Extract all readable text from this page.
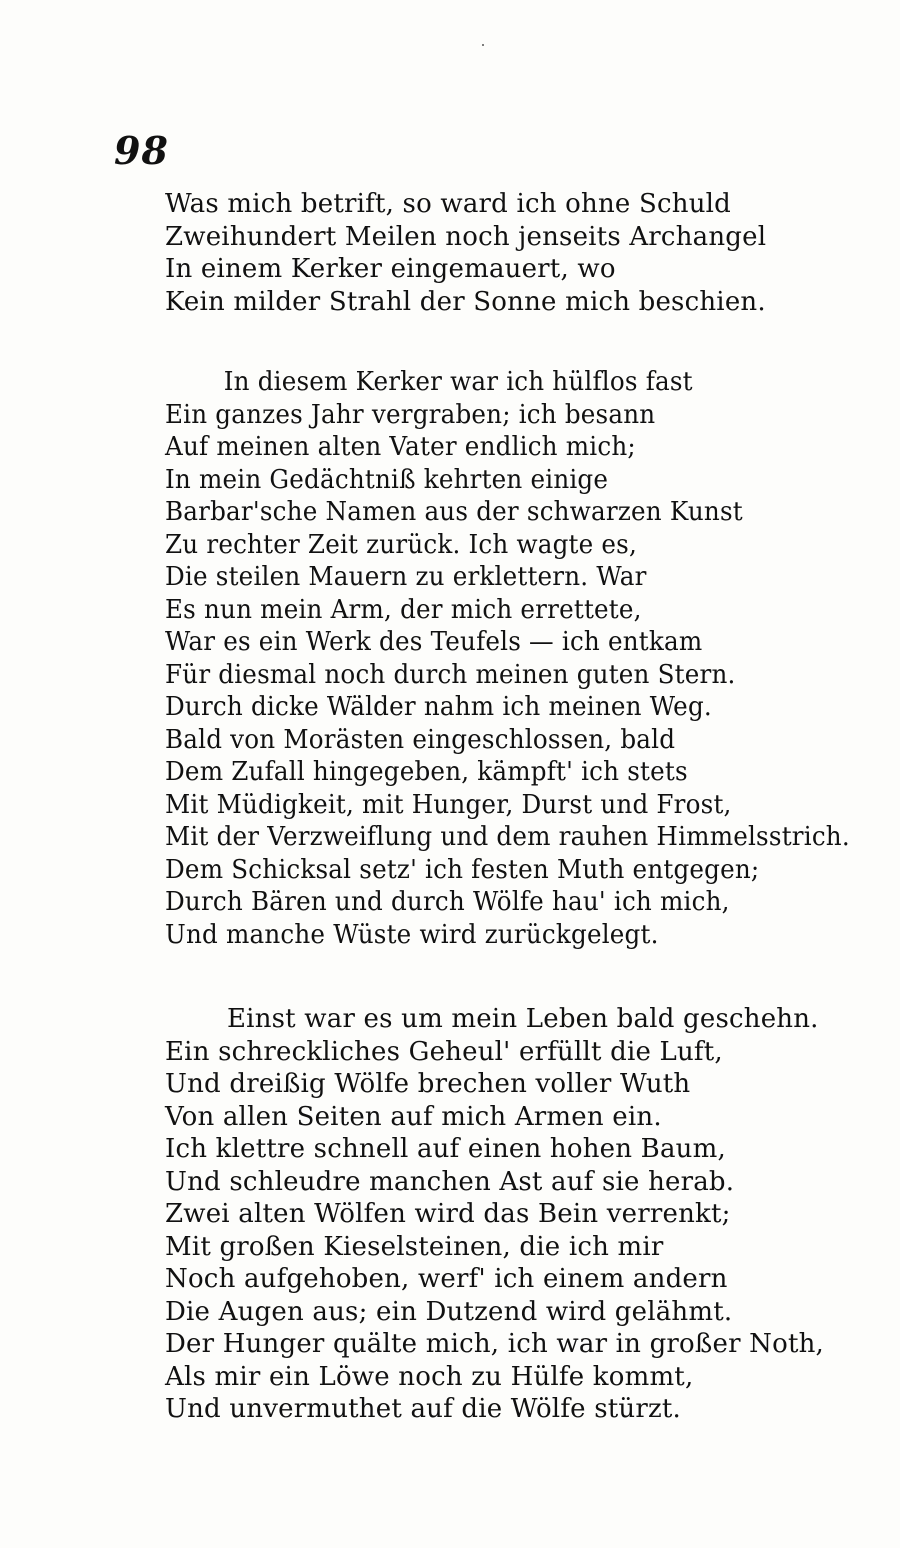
98
Was mich betrift, so ward ich ohne Schuld
Zweihundert Meilen noch jenseits Archangel
In einem Kerker eingemauert, wo
Kein milder Strahl der Sonne mich beschien.
In diesem Kerker war ich hülflos fast
Ein ganzes Jahr vergraben; ich besann
Auf meinen alten Vater endlich mich;
In mein Gedächtniß kehrten einige
Barbar'sche Namen aus der schwarzen Kunst
Zu rechter Zeit zurück. Ich wagte es,
Die steilen Mauern zu erklettern. War
Es nun mein Arm, der mich errettete,
War es ein Werk des Teufels — ich entkam
Für diesmal noch durch meinen guten Stern.
Durch dicke Wälder nahm ich meinen Weg.
Bald von Morästen eingeschlossen, bald
Dem Zufall hingegeben, kämpft' ich stets
Mit Müdigkeit, mit Hunger, Durst und Frost,
Mit der Verzweiflung und dem rauhen Himmelsstrich.
Dem Schicksal setz' ich festen Muth entgegen;
Durch Bären und durch Wölfe hau' ich mich,
Und manche Wüste wird zurückgelegt.
Einst war es um mein Leben bald geschehn.
Ein schreckliches Geheul' erfüllt die Luft,
Und dreißig Wölfe brechen voller Wuth
Von allen Seiten auf mich Armen ein.
Ich klettre schnell auf einen hohen Baum,
Und schleudre manchen Ast auf sie herab.
Zwei alten Wölfen wird das Bein verrenkt;
Mit großen Kieselsteinen, die ich mir
Noch aufgehoben, werf' ich einem andern
Die Augen aus; ein Dutzend wird gelähmt.
Der Hunger quälte mich, ich war in großer Noth,
Als mir ein Löwe noch zu Hülfe kommt,
Und unvermuthet auf die Wölfe stürzt.
